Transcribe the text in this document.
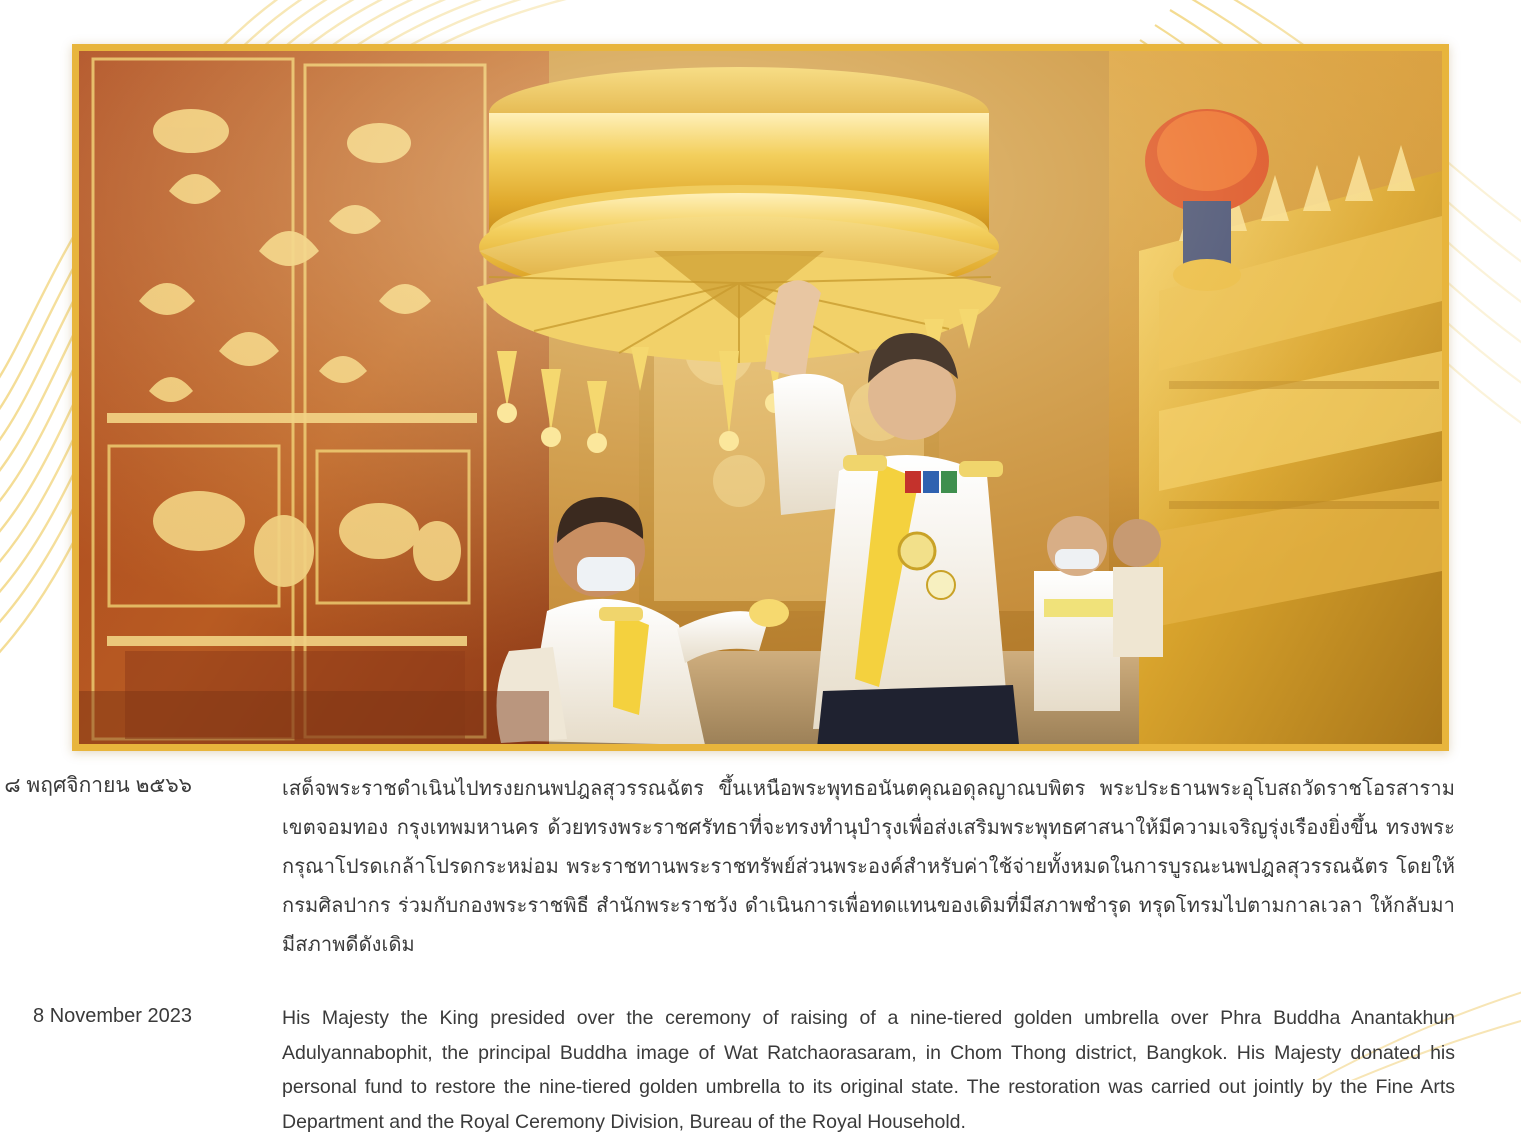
๘ พฤศจิกายน ๒๕๖๖	เสด็จพระราชดำเนินไปทรงยกนพปฎลสุวรรณฉัตร ขึ้นเหนือพระพุทธอนันตคุณอดุลญาณบพิตร พระประธานพระอุโบสถวัดราชโอรสาราม เขตจอมทอง กรุงเทพมหานคร ด้วยทรงพระราชศรัทธาที่จะทรงทำนุบำรุงเพื่อส่งเสริมพระพุทธศาสนาให้มีความเจริญรุ่งเรืองยิ่งขึ้น ทรงพระกรุณาโปรดเกล้าโปรดกระหม่อม พระราชทานพระราชทรัพย์ส่วนพระองค์สำหรับค่าใช้จ่ายทั้งหมดในการบูรณะนพปฎลสุวรรณฉัตร โดยให้กรมศิลปากร ร่วมกับกองพระราชพิธี สำนักพระราชวัง ดำเนินการเพื่อทดแทนของเดิมที่มีสภาพชำรุด ทรุดโทรมไปตามกาลเวลา ให้กลับมามีสภาพดีดังเดิม
8 November 2023	His Majesty the King presided over the ceremony of raising of a nine-tiered golden umbrella over Phra Buddha Anantakhun Adulyannabophit, the principal Buddha image of Wat Ratchaorasaram, in Chom Thong district, Bangkok. His Majesty donated his personal fund to restore the nine-tiered golden umbrella to its original state. The restoration was carried out jointly by the Fine Arts Department and the Royal Ceremony Division, Bureau of the Royal Household.
